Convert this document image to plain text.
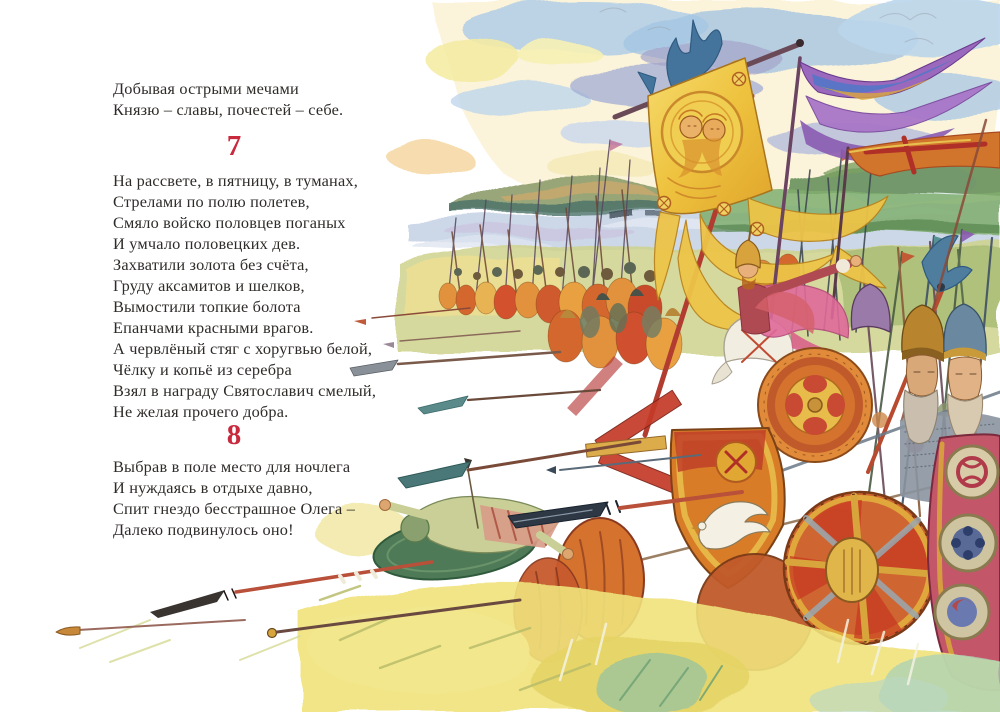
Добывая острыми мечами
Князю – славы, почестей – себе.
7
На рассвете, в пятницу, в туманах,
Стрелами по полю полетев,
Смяло войско половцев поганых
И умчало половецких дев.
Захватили золота без счёта,
Груду аксамитов и шелков,
Вымостили топкие болота
Епанчами красными врагов.
А червлёный стяг с хоругвью белой,
Чёлку и копьё из серебра
Взял в награду Святославич смелый,
Не желая прочего добра.
8
Выбрав в поле место для ночлега
И нуждаясь в отдыхе давно,
Спит гнездо бесстрашное Олега –
Далеко подвинулось оно!
